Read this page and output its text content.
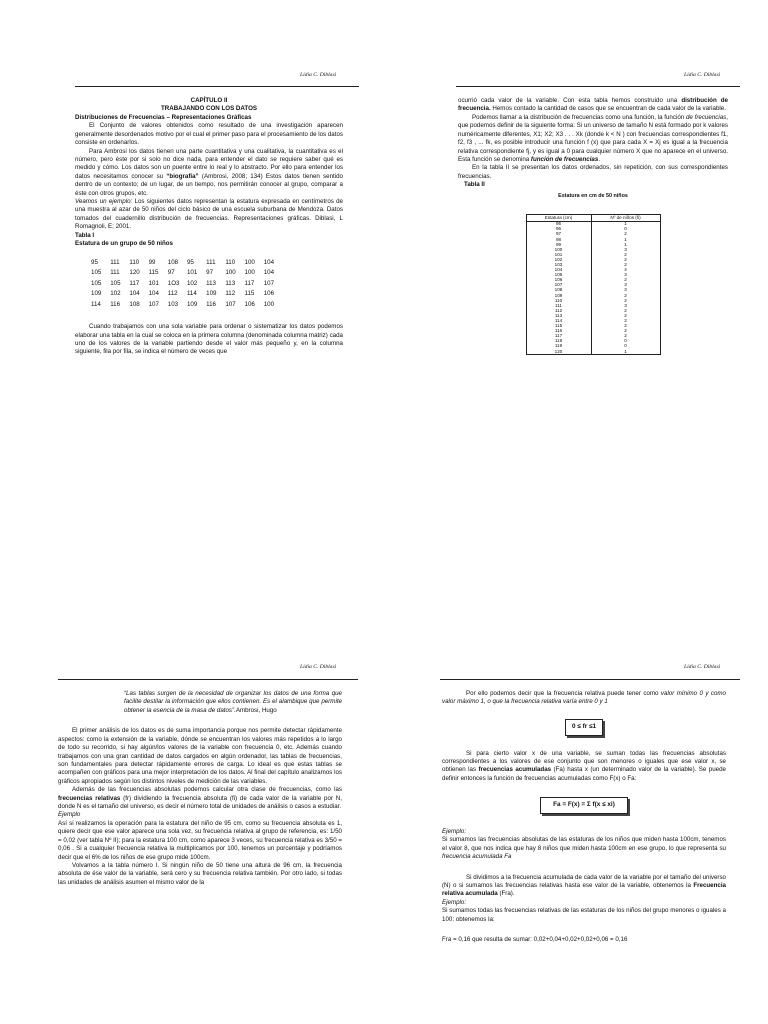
Lidia C. Diblasi

CAPÍTULO II

TRABAJANDO CON LOS DATOS

Distribuciones de Frecuencias – Representaciones Gráficas

El Conjunto de valores obtenidos como resultado de una investigación aparecen generalmente desordenados motivo por el cual el primer paso para el procesamiento de los datos consiste en ordenarlos.

Para Ambrosi los datos tienen una parte cuantitativa y una cualitativa, la cuantitativa es el número, pero éste por si solo no dice nada, para entender el dato se requiere saber qué es medido y cómo. Los datos son un puente entre lo real y lo abstracto. Por ello para entender los datos necesitamos conocer su “biografía” (Ambrosi, 2008; 134) Estos datos tienen sentido dentro de un contexto; de un lugar, de un tiempo, nos permitirán conocer al grupo, comparar a éste con otros grupos, etc.

Veamos un ejemplo: Los siguientes datos representan la estatura expresada en centímetros de una muestra al azar de 50 niños del ciclo básico de una escuela suburbana de Mendoza. Datos tomados del cuadernillo distribución de frecuencias. Representaciones gráficas. Diblasi, L Romagnoli, E; 2001.

Tabla I

Estatura de un grupo de 50 niños

95	111	110	99	108	95	111	110	100	104
105	111	120	115	97	101	97	100	100	104
105	105	117	101	1O3	102	113	113	117	107
109	102	104	104	112	114	109	112	115	106
114	116	108	107	103	109	116	107	106	100

Cuando trabajamos con una sola variable para ordenar o sistematizar los datos podemos elaborar una tabla en la cual se coloca en la primera columna (denominada columna matriz) cada uno de los valores de la variable partiendo desde el valor más pequeño y, en la columna siguiente, fila por fila, se indica el número de veces que

Lidia C. Diblasi

ocurrió cada valor de la variable. Con esta tabla hemos construido una distribución de frecuencia. Hemos contado la cantidad de casos que se encuentran de cada valor de la variable.

Podemos llamar a la distribución de frecuencias como una función, la función de frecuencias, que podemos definir de la siguiente forma: Si un universo de tamaño N está formado por k valores numéricamente diferentes, X1; X2; X3 . . . Xk (donde k < N ) con frecuencias correspondientes f1, f2, f3 , ... fk, es posible introducir una función f (x) que para cada X = Xj es igual a la frecuencia relativa correspondiente fj, y es igual a 0 para cualquier número X que no aparece en el universo. Esta función se denomina función de frecuencias.

En la tabla II se presentan los datos ordenados, sin repetición, con sus correspondientes frecuencias.

Tabla II

Estatura en cm de 50 niños

Estatura (cm)	Nº de niños (fi)
95	1
96	0
97	2
98	1
99	1
100	3
101	2
102	2
103	2
104	4
105	3
106	2
107	3
108	3
109	2
110	2
111	3
112	2
113	2
114	2
115	2
116	2
117	2
118	0
119	0
120	1
Lidia C. Diblasi

“Las tablas surgen de la necesidad de organizar los datos de una forma que facilite destilar la información que ellos contienen. Es el alambique que permite obtener la esencia de la masa de datos”.Ambrosi, Hugo

El primer análisis de los datos es de suma importancia porque nos permite detectar rápidamente aspectos: como la extensión de la variable, dónde se encuentran los valores más repetidos a lo largo de todo su recorrido, si hay algún/los valores de la variable con frecuencia 0, etc. Además cuando trabajamos con una gran cantidad de datos cargados en algún ordenador, las tablas de frecuencias, son fundamentales para detectar rápidamente errores de carga. Lo ideal es que estas tablas se acompañen con gráficos para una mejor interpretación de los datos. Al final del capítulo analizamos los gráficos apropiados según los distintos niveles de medición de las variables.

Además de las frecuencias absolutas podemos calcular otra clase de frecuencias, como las frecuencias relativas (fr) dividiendo la frecuencia absoluta (fi) de cada valor de la variable por N, donde N es el tamaño del universo, es decir el número total de unidades de análisis o casos a estudiar.

Ejemplo

Así si realizamos la operación para la estatura del niño de 95 cm, como su frecuencia absoluta es 1, quiere decir que ese valor aparece una sola vez, su frecuencia relativa al grupo de referencia, es: 1/50 = 0,02 (ver tabla Nº II); para la estatura 100 cm, como aparece 3 veces, su frecuencia relativa es 3/50 = 0,06 . Si a cualquier frecuencia relativa la multiplicamos por 100, tenemos un porcentaje y podríamos decir que el 6% de los niños de ese grupo mide 100cm.

Volvamos a la tabla número I. Si ningún niño de 50 tiene una altura de 96 cm, la frecuencia absoluta de ése valor de la variable, será cero y su frecuencia relativa también. Por otro lado, si todas las unidades de análisis asumen el mismo valor de la

Lidia C. Diblasi

Por ello podemos decir que la frecuencia relativa puede tener como valor mínimo 0 y como valor máximo 1, o que la frecuencia relativa varía entre 0 y 1

0 ≤ fr ≤1

Si para cierto valor x de una variable, se suman todas las frecuencias absolutas correspondientes a los valores de ese conjunto que son menores o iguales que ese valor x, se obtienen las frecuencias acumuladas (Fa) hasta x (un determinado valor de la variable). Se puede definir entonces la función de frecuencias acumuladas como F(x) o Fa:

Fa = F(x) = Σ f(x ≤ xi)

Ejemplo:

Si sumamos las frecuencias absolutas de las estaturas de los niños que miden hasta 100cm, tenemos el valor 8, que nos indica que hay 8 niños que miden hasta 100cm en ese grupo, lo que representa su frecuencia acumulada Fa

Si dividimos a la frecuencia acumulada de cada valor de la variable por el tamaño del universo (N) o si sumamos las frecuencias relativas hasta ese valor de la variable, obtenemos la Frecuencia relativa acumulada (Fra).

Ejemplo:

Si sumamos todas las frecuencias relativas de las estaturas de los niños del grupo menores o iguales a 100: obtenemos la:

Fra = 0,16 que resulta de sumar: 0,02+0,04+0,02+0,02+0,06 = 0,16
